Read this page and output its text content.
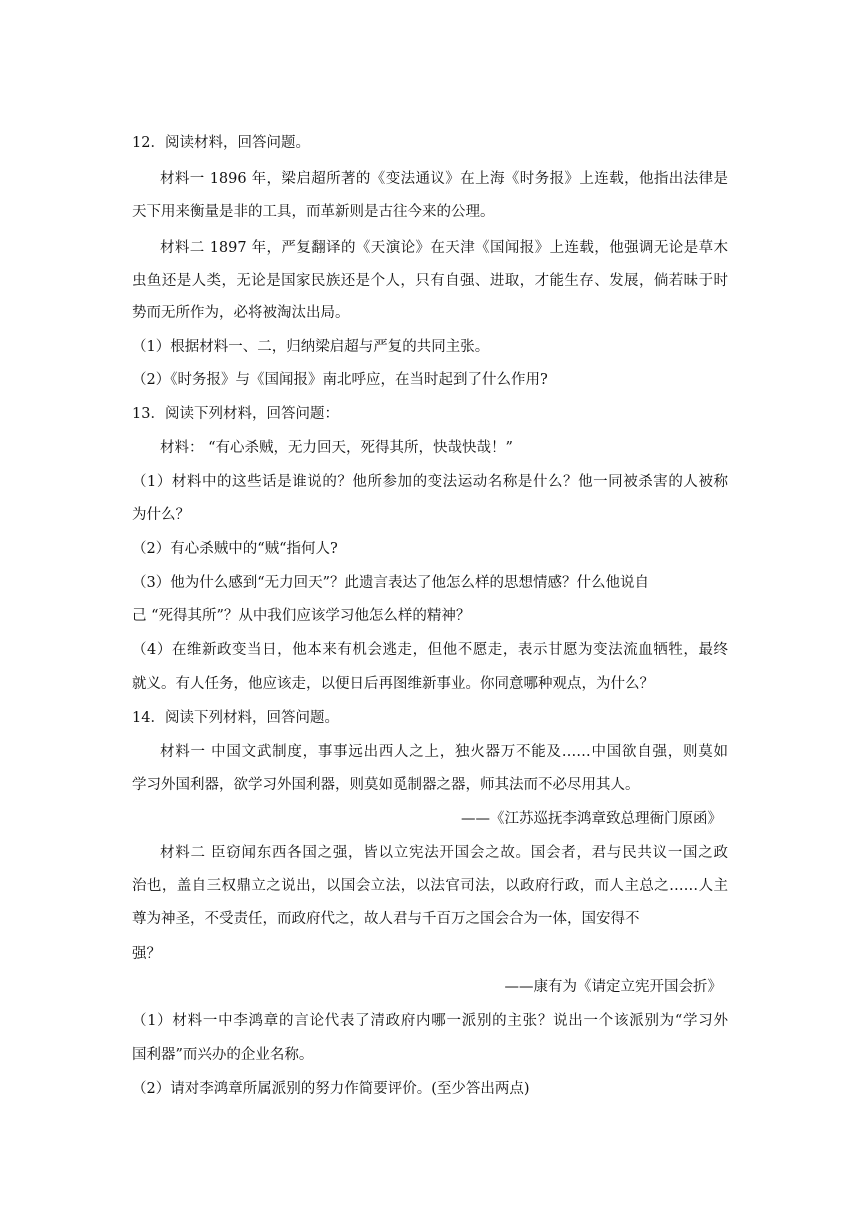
12．阅读材料，回答问题。
材料一 1896 年，梁启超所著的《变法通议》在上海《时务报》上连载，他指出法律是
天下用来衡量是非的工具，而革新则是古往今来的公理。
材料二 1897 年，严复翻译的《天演论》在天津《国闻报》上连载，他强调无论是草木
虫鱼还是人类，无论是国家民族还是个人，只有自强、进取，才能生存、发展，倘若昧于时
势而无所作为，必将被淘汰出局。
（1）根据材料一、二，归纳梁启超与严复的共同主张。
（2）《时务报》与《国闻报》南北呼应，在当时起到了什么作用?
13．阅读下列材料，回答问题：
材料： “有心杀贼，无力回天，死得其所，快哉快哉！”
（1）材料中的这些话是谁说的？他所参加的变法运动名称是什么？他一同被杀害的人被称
为什么？
（2）有心杀贼中的“贼“指何人?
（3）他为什么感到“无力回天”？此遗言表达了他怎么样的思想情感？什么他说自
己 “死得其所”？从中我们应该学习他怎么样的精神？
（4）在维新政变当日，他本来有机会逃走，但他不愿走，表示甘愿为变法流血牺牲，最终
就义。有人任务，他应该走，以便日后再图维新事业。你同意哪种观点，为什么？
14．阅读下列材料，回答问题。
材料一 中国文武制度，事事远出西人之上，独火器万不能及……中国欲自强，则莫如
学习外国利器，欲学习外国利器，则莫如觅制器之器，师其法而不必尽用其人。
——《江苏巡抚李鸿章致总理衙门原函》
材料二 臣窃闻东西各国之强，皆以立宪法开国会之故。国会者，君与民共议一国之政
治也，盖自三权鼎立之说出，以国会立法，以法官司法，以政府行政，而人主总之……人主
尊为神圣，不受责任，而政府代之，故人君与千百万之国会合为一体，国安得不
强？
——康有为《请定立宪开国会折》
（1）材料一中李鸿章的言论代表了清政府内哪一派别的主张？说出一个该派别为“学习外
国利器”而兴办的企业名称。
（2）请对李鸿章所属派别的努力作简要评价。(至少答出两点)
